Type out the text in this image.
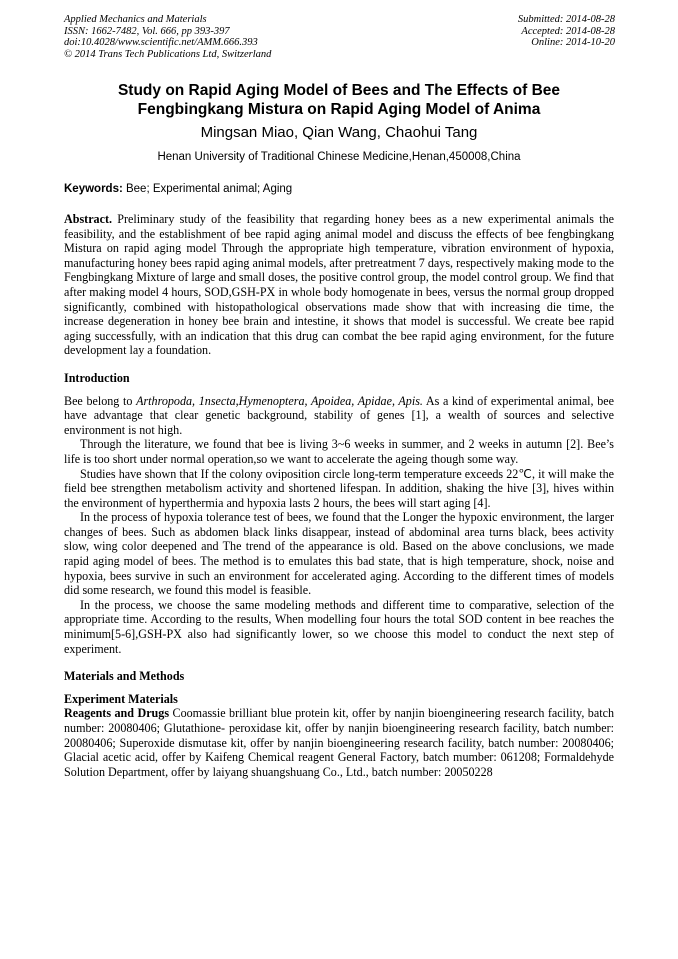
Applied Mechanics and Materials
ISSN: 1662-7482, Vol. 666, pp 393-397
doi:10.4028/www.scientific.net/AMM.666.393
© 2014 Trans Tech Publications Ltd, Switzerland
Submitted: 2014-08-28
Accepted: 2014-08-28
Online: 2014-10-20
Study on Rapid Aging Model of Bees and The Effects of Bee
Fengbingkang Mistura on Rapid Aging Model of Anima
Mingsan Miao, Qian Wang, Chaohui Tang
Henan University of Traditional Chinese Medicine,Henan,450008,China
Keywords: Bee; Experimental animal; Aging

Abstract. Preliminary study of the feasibility that regarding honey bees as a new experimental animals the feasibility, and the establishment of bee rapid aging animal model and discuss the effects of bee fengbingkang Mistura on rapid aging model Through the appropriate high temperature, vibration environment of hypoxia, manufacturing honey bees rapid aging animal models, after pretreatment 7 days, respectively making mode to the Fengbingkang Mixture of large and small doses, the positive control group, the model control group. We find that after making model 4 hours, SOD,GSH-PX in whole body homogenate in bees, versus the normal group dropped significantly, combined with histopathological observations made show that with increasing die time, the increase degeneration in honey bee brain and intestine, it shows that model is successful. We create bee rapid aging successfully, with an indication that this drug can combat the bee rapid aging environment, for the future development lay a foundation.

Introduction

Bee belong to Arthropoda, 1nsecta,Hymenoptera, Apoidea, Apidae, Apis. As a kind of experimental animal, bee have advantage that clear genetic background, stability of genes [1], a wealth of sources and selective environment is not high.

Through the literature, we found that bee is living 3~6 weeks in summer, and 2 weeks in autumn [2]. Bee’s life is too short under normal operation,so we want to accelerate the ageing though some way.

Studies have shown that If the colony oviposition circle long-term temperature exceeds 22℃, it will make the field bee strengthen metabolism activity and shortened lifespan. In addition, shaking the hive [3], hives within the environment of hyperthermia and hypoxia lasts 2 hours, the bees will start aging [4].

In the process of hypoxia tolerance test of bees, we found that the Longer the hypoxic environment, the larger changes of bees. Such as abdomen black links disappear, instead of abdominal area turns black, bees activity slow, wing color deepened and The trend of the appearance is old. Based on the above conclusions, we made rapid aging model of bees. The method is to emulates this bad state, that is high temperature, shock, noise and hypoxia, bees survive in such an environment for accelerated aging. According to the different times of models did some research, we found this model is feasible.

In the process, we choose the same modeling methods and different time to comparative, selection of the appropriate time. According to the results, When modelling four hours the total SOD content in bee reaches the minimum[5-6],GSH-PX also had significantly lower, so we choose this model to conduct the next step of experiment.

Materials and Methods

Experiment Materials

Reagents and Drugs Coomassie brilliant blue protein kit, offer by nanjin bioengineering research facility, batch number: 20080406; Glutathione- peroxidase kit, offer by nanjin bioengineering research facility, batch number: 20080406; Superoxide dismutase kit, offer by nanjin bioengineering research facility, batch number: 20080406; Glacial acetic acid, offer by Kaifeng Chemical reagent General Factory, batch mumber: 061208; Formaldehyde Solution Department, offer by laiyang shuangshuang Co., Ltd., batch number: 20050228
